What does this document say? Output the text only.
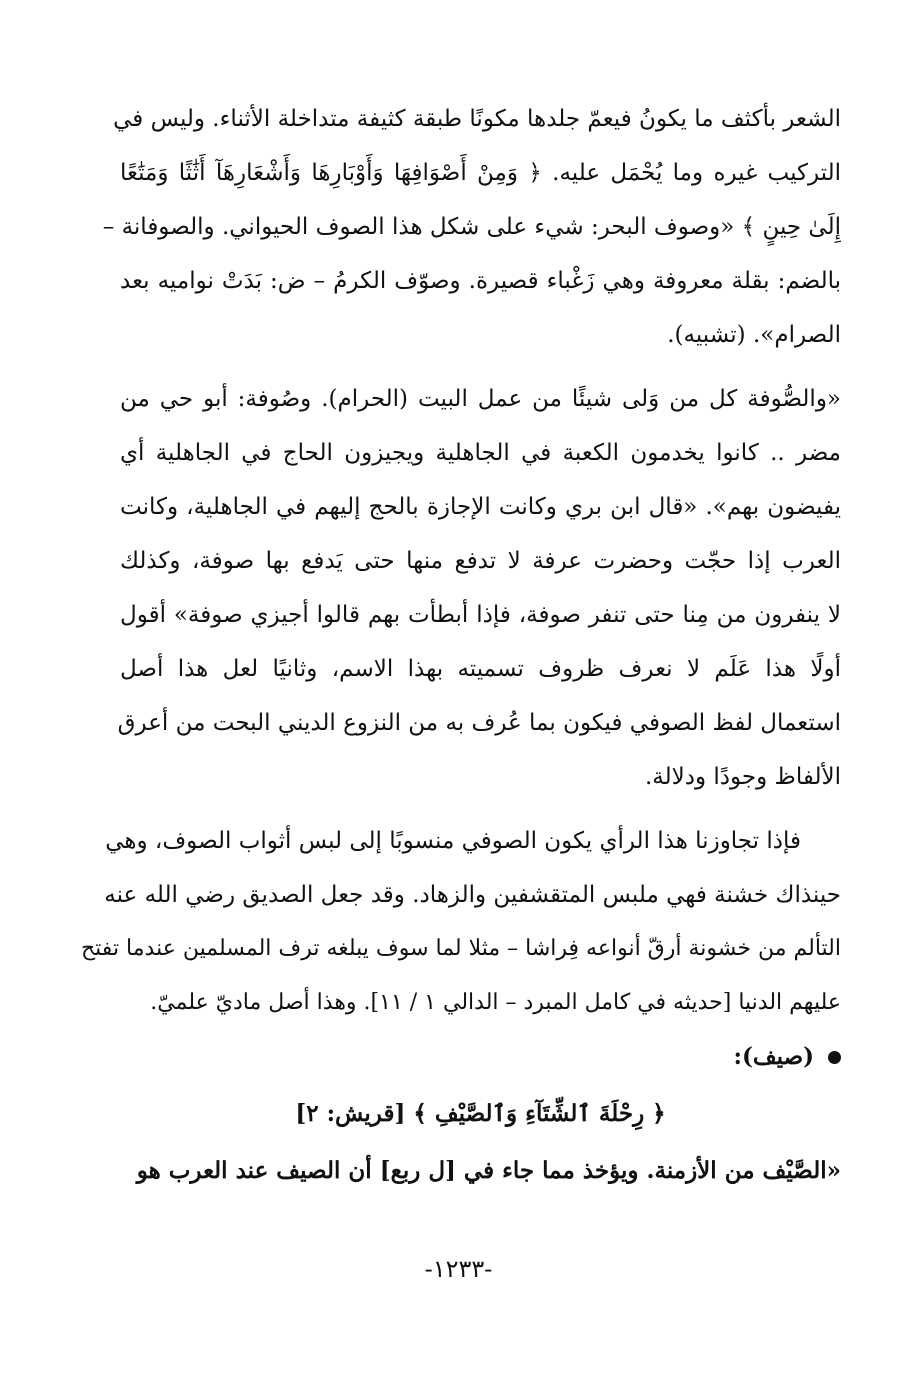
الشعر بأكثف ما يكونُ فيعمّ جلدها مكونًا طبقة كثيفة متداخلة الأثناء. وليس في
التركيب غيره وما يُحْمَل عليه. ﴿ وَمِنْ أَصْوَافِهَا وَأَوْبَارِهَا وَأَشْعَارِهَآ أَثَٰثًا وَمَتَٰعًا
إِلَىٰ حِينٍ ﴾ «وصوف البحر: شيء على شكل هذا الصوف الحيواني. والصوفانة –
بالضم: بقلة معروفة وهي زَغْباء قصيرة. وصوّف الكرمُ – ض: بَدَتْ نواميه بعد
الصرام». (تشبيه).
«والصُّوفة كل من وَلى شيئًا من عمل البيت (الحرام). وصُوفة: أبو حي من
مضر .. كانوا يخدمون الكعبة في الجاهلية ويجيزون الحاج في الجاهلية أي
يفيضون بهم». «قال ابن بري وكانت الإجازة بالحج إليهم في الجاهلية، وكانت
العرب إذا حجّت وحضرت عرفة لا تدفع منها حتى يَدفع بها صوفة، وكذلك
لا ينفرون من مِنا حتى تنفر صوفة، فإذا أبطأت بهم قالوا أجيزي صوفة» أقول
أولًا هذا عَلَم لا نعرف ظروف تسميته بهذا الاسم، وثانيًا لعل هذا أصل
استعمال لفظ الصوفي فيكون بما عُرف به من النزوع الديني البحت من أعرق
الألفاظ وجودًا ودلالة.
فإذا تجاوزنا هذا الرأي يكون الصوفي منسوبًا إلى لبس أثواب الصوف، وهي
حينذاك خشنة فهي ملبس المتقشفين والزهاد. وقد جعل الصديق رضي الله عنه
التألم من خشونة أرقّ أنواعه فِراشا – مثلا لما سوف يبلغه ترف المسلمين عندما تفتح
عليهم الدنيا [حديثه في كامل المبرد – الدالي ١ / ١١]. وهذا أصل ماديّ علميّ.
(صيف):
﴿ رِحْلَةَ ٱلشِّتَآءِ وَٱلصَّيْفِ ﴾ [قريش: ٢]
«الصَّيْف من الأزمنة. ويؤخذ مما جاء في [ل ربع] أن الصيف عند العرب هو
-١٢٣٣-
